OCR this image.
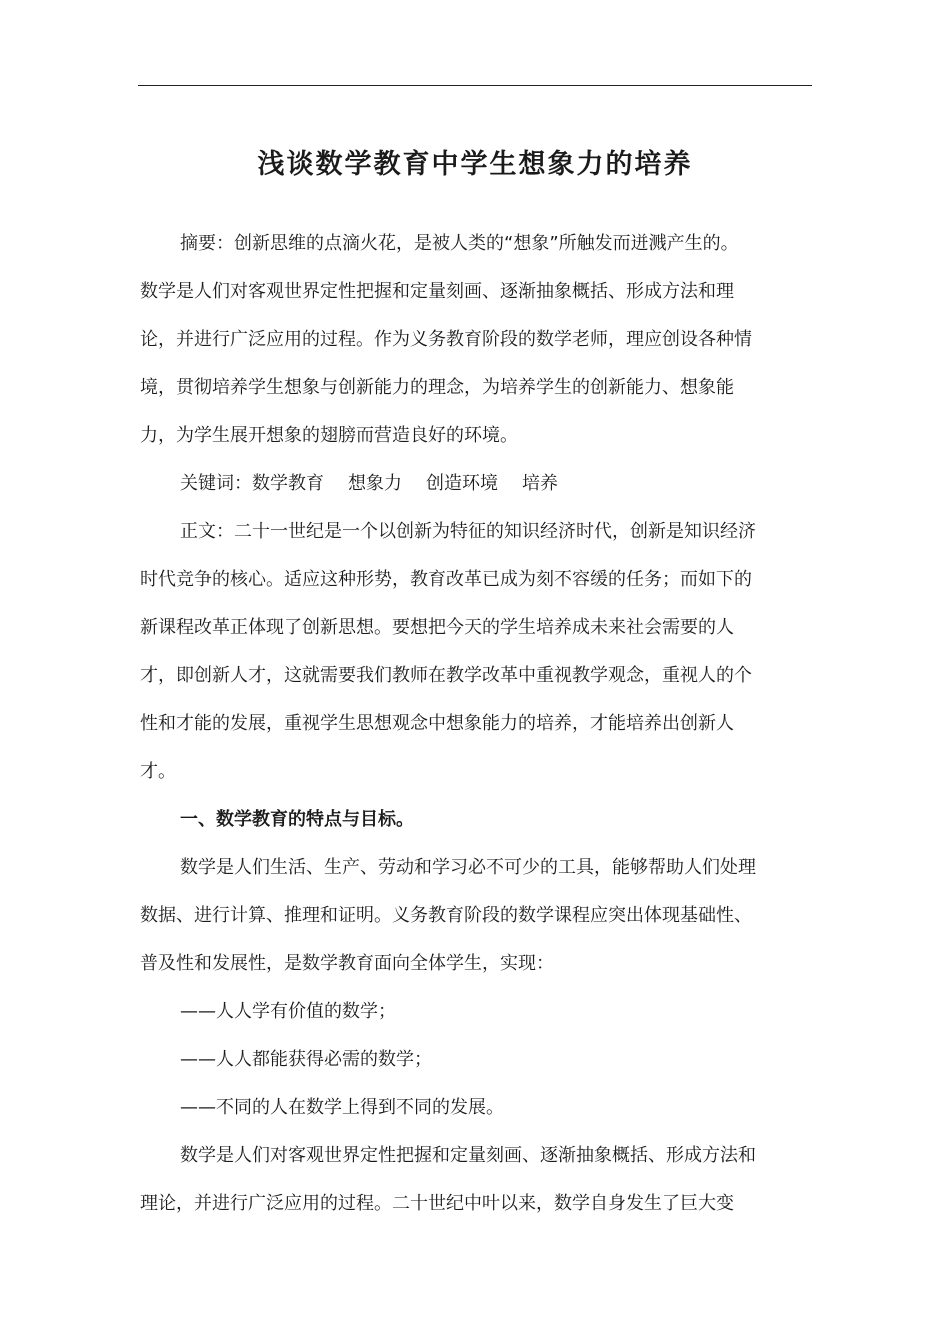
浅谈数学教育中学生想象力的培养
摘要：创新思维的点滴火花，是被人类的“想象”所触发而迸溅产生的。
数学是人们对客观世界定性把握和定量刻画、逐渐抽象概括、形成方法和理
论，并进行广泛应用的过程。作为义务教育阶段的数学老师，理应创设各种情
境，贯彻培养学生想象与创新能力的理念，为培养学生的创新能力、想象能
力，为学生展开想象的翅膀而营造良好的环境。
关键词：数学教育 想象力 创造环境 培养
正文：二十一世纪是一个以创新为特征的知识经济时代，创新是知识经济
时代竞争的核心。适应这种形势，教育改革已成为刻不容缓的任务；而如下的
新课程改革正体现了创新思想。要想把今天的学生培养成未来社会需要的人
才，即创新人才，这就需要我们教师在教学改革中重视教学观念，重视人的个
性和才能的发展，重视学生思想观念中想象能力的培养，才能培养出创新人
才。
一、数学教育的特点与目标。
数学是人们生活、生产、劳动和学习必不可少的工具，能够帮助人们处理
数据、进行计算、推理和证明。义务教育阶段的数学课程应突出体现基础性、
普及性和发展性，是数学教育面向全体学生，实现：
——人人学有价值的数学；
——人人都能获得必需的数学；
——不同的人在数学上得到不同的发展。
数学是人们对客观世界定性把握和定量刻画、逐渐抽象概括、形成方法和
理论，并进行广泛应用的过程。二十世纪中叶以来，数学自身发生了巨大变
